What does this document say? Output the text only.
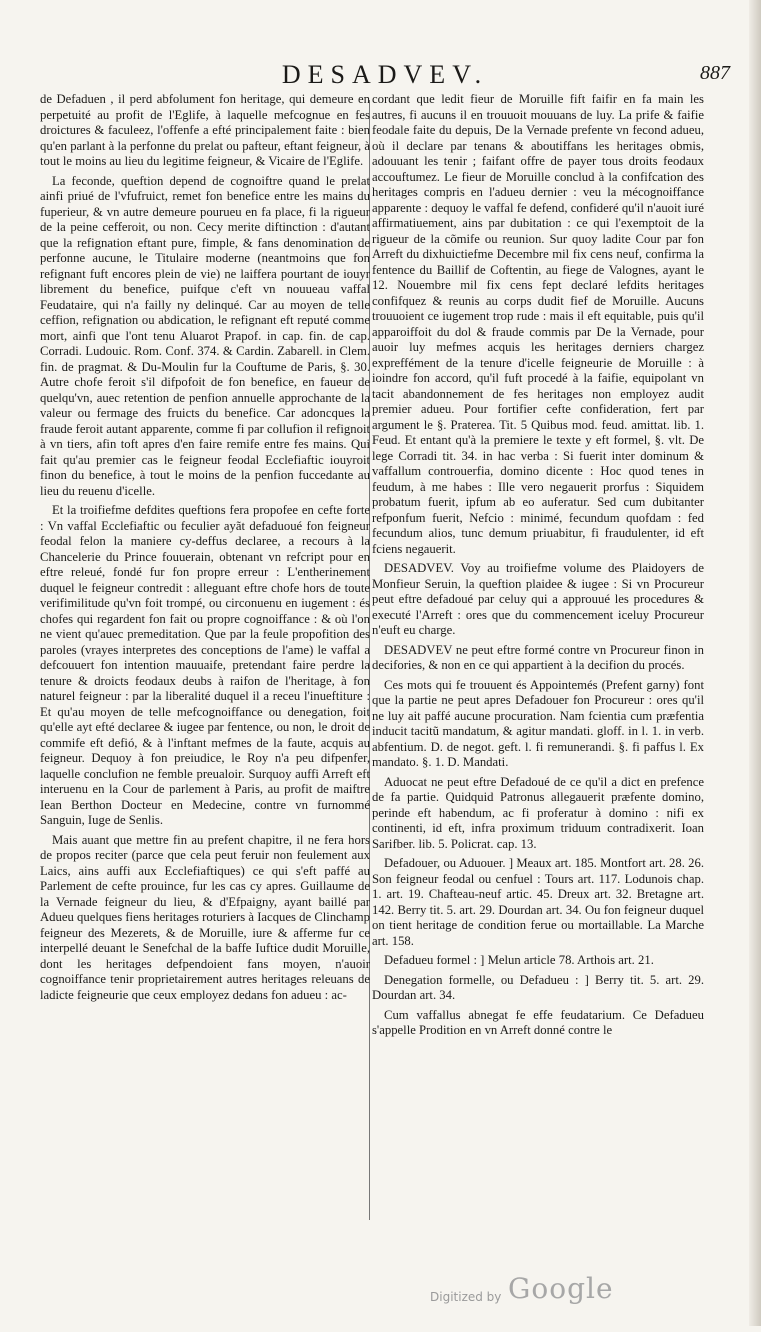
DESADVEV.	887

de Defaduen , il perd abfolument fon heritage, qui demeure en perpetuité au profit de l'Eglife, à laquelle mefcognue en fes droictures & faculeez, l'offenfe a efté principalement faite : bien qu'en parlant à la perfonne du prelat ou pafteur, eftant feigneur, à tout le moins au lieu du legitime feigneur, & Vicaire de l'Eglife.

La feconde, queftion depend de cognoiftre quand le prelat ainfi priué de l'vfufruict, remet fon benefice entre les mains du fuperieur, & vn autre demeure pourueu en fa place, fi la rigueur de la peine cefferoit, ou non. Cecy merite diftinction : d'autant que la refignation eftant pure, fimple, & fans denomination de perfonne aucune, le Titulaire moderne (neantmoins que fon refignant fuft encores plein de vie) ne laiffera pourtant de iouyr librement du benefice, puifque c'eft vn nouueau vaffal Feudataire, qui n'a failly ny delinqué. Car au moyen de telle ceffion, refignation ou abdication, le refignant eft reputé comme mort, ainfi que l'ont tenu Aluarot Prapof. in cap. fin. de cap. Corradi. Ludouic. Rom. Conf. 374. & Cardin. Zabarell. in Clem. fin. de pragmat. & Du-Moulin fur la Couftume de Paris, §. 30. Autre chofe feroit s'il difpofoit de fon benefice, en faueur de quelqu'vn, auec retention de penfion annuelle approchante de la valeur ou fermage des fruicts du benefice. Car adoncques la fraude feroit autant apparente, comme fi par collufion il refignoit à vn tiers, afin toft apres d'en faire remife entre fes mains. Qui fait qu'au premier cas le feigneur feodal Ecclefiaftic iouyroit finon du benefice, à tout le moins de la penfion fuccedante au lieu du reuenu d'icelle.

Et la troifiefme defdites queftions fera propofee en cefte forte : Vn vaffal Ecclefiaftic ou feculier ayãt defaduoué fon feigneur feodal felon la maniere cy-deffus declaree, a recours à la Chancelerie du Prince fouuerain, obtenant vn refcript pour en eftre releué, fondé fur fon propre erreur : L'entherinement duquel le feigneur contredit : alleguant eftre chofe hors de toute verifimilitude qu'vn foit trompé, ou circonuenu en iugement : és chofes qui regardent fon fait ou propre cognoiffance : & où l'on ne vient qu'auec premeditation. Que par la feule propofition des paroles (vrayes interpretes des conceptions de l'ame) le vaffal a defcouuert fon intention mauuaife, pretendant faire perdre la tenure & droicts feodaux deubs à raifon de l'heritage, à fon naturel feigneur : par la liberalité duquel il a receu l'inueftiture : Et qu'au moyen de telle mefcognoiffance ou denegation, foit qu'elle ayt efté declaree & iugee par fentence, ou non, le droit de commife eft defió, & à l'inftant mefmes de la faute, acquis au feigneur. Dequoy à fon preiudice, le Roy n'a peu difpenfer, laquelle conclufion ne femble preualoir. Surquoy auffi Arreft eft interuenu en la Cour de parlement à Paris, au profit de maiftre Iean Berthon Docteur en Medecine, contre vn furnommé Sanguin, Iuge de Senlis.

Mais auant que mettre fin au prefent chapitre, il ne fera hors de propos reciter (parce que cela peut feruir non feulement aux Laics, ains auffi aux Ecclefiaftiques) ce qui s'eft paffé au Parlement de cefte prouince, fur les cas cy apres. Guillaume de la Vernade feigneur du lieu, & d'Efpaigny, ayant baillé par Adueu quelques fiens heritages roturiers à Iacques de Clinchamp feigneur des Mezerets, & de Moruille, iure & afferme fur ce interpellé deuant le Senefchal de la baffe Iuftice dudit Moruille, dont les heritages defpendoient fans moyen, n'auoir cognoiffance tenir proprietairement autres heritages releuans de ladicte feigneurie que ceux employez dedans fon adueu : ac-

cordant que ledit fieur de Moruille fift faifir en fa main les autres, fi aucuns il en trouuoit mouuans de luy. La prife & faifie feodale faite du depuis, De la Vernade prefente vn fecond adueu, où il declare par tenans & aboutiffans les heritages obmis, adouuant les tenir ; faifant offre de payer tous droits feodaux accouftumez. Le fieur de Moruille conclud à la confifcation des heritages compris en l'adueu dernier : veu la mécognoiffance apparente : dequoy le vaffal fe defend, confideré qu'il n'auoit iuré affirmatiuement, ains par dubitation : ce qui l'exemptoit de la rigueur de la cõmife ou reunion. Sur quoy ladite Cour par fon Arreft du dixhuictiefme Decembre mil fix cens neuf, confirma la fentence du Baillif de Coftentin, au fiege de Valognes, ayant le 12. Nouembre mil fix cens fept declaré lefdits heritages confifquez & reunis au corps dudit fief de Moruille. Aucuns trouuoient ce iugement trop rude : mais il eft equitable, puis qu'il apparoiffoit du dol & fraude commis par De la Vernade, pour auoir luy mefmes acquis les heritages derniers chargez expreffément de la tenure d'icelle feigneurie de Moruille : à ioindre fon accord, qu'il fuft procedé à la faifie, equipolant vn tacit abandonnement de fes heritages non employez audit premier adueu. Pour fortifier cefte confideration, fert par argument le §. Praterea. Tit. 5 Quibus mod. feud. amittat. lib. 1. Feud. Et entant qu'à la premiere le texte y eft formel, §. vlt. De lege Corradi tit. 34. in hac verba : Si fuerit inter dominum & vaffallum controuerfia, domino dicente : Hoc quod tenes in feudum, à me habes : Ille vero negauerit prorfus : Siquidem probatum fuerit, ipfum ab eo auferatur. Sed cum dubitanter refponfum fuerit, Nefcio : minimé, fecundum quofdam : fed fecundum alios, tunc demum priuabitur, fi fraudulenter, id eft fciens negauerit.

DESADVEV. Voy au troifiefme volume des Plaidoyers de Monfieur Seruin, la queftion plaidee & iugee : Si vn Procureur peut eftre defadoué par celuy qui a approuué les procedures & executé l'Arreft : ores que du commencement iceluy Procureur n'euft eu charge.

DESADVEV ne peut eftre formé contre vn Procureur finon in decifories, & non en ce qui appartient à la decifion du procés.

Ces mots qui fe trouuent és Appointemés (Prefent garny) font que la partie ne peut apres Defadouer fon Procureur : ores qu'il ne luy ait paffé aucune procuration. Nam fcientia cum præfentia inducit tacitũ mandatum, & agitur mandati. gloff. in l. 1. in verb. abfentium. D. de negot. geft. l. fi remunerandi. §. fi paffus l. Ex mandato. §. 1. D. Mandati.

Aduocat ne peut eftre Defadoué de ce qu'il a dict en prefence de fa partie. Quidquid Patronus allegauerit præfente domino, perinde eft habendum, ac fi proferatur à domino : nifi ex continenti, id eft, infra proximum triduum contradixerit. Ioan Sarifber. lib. 5. Policrat. cap. 13.

Defadouer, ou Aduouer. ] Meaux art. 185. Montfort art. 28. 26. Son feigneur feodal ou cenfuel : Tours art. 117. Lodunois chap. 1. art. 19. Chafteau-neuf artic. 45. Dreux art. 32. Bretagne art. 142. Berry tit. 5. art. 29. Dourdan art. 34. Ou fon feigneur duquel on tient heritage de condition ferue ou mortaillable. La Marche art. 158.

Defadueu formel : ] Melun article 78. Arthois art. 21.

Denegation formelle, ou Defadueu : ] Berry tit. 5. art. 29. Dourdan art. 34.

Cum vaffallus abnegat fe effe feudatarium. Ce Defadueu s'appelle Prodition en vn Arreft donné contre le

Digitized by Google
